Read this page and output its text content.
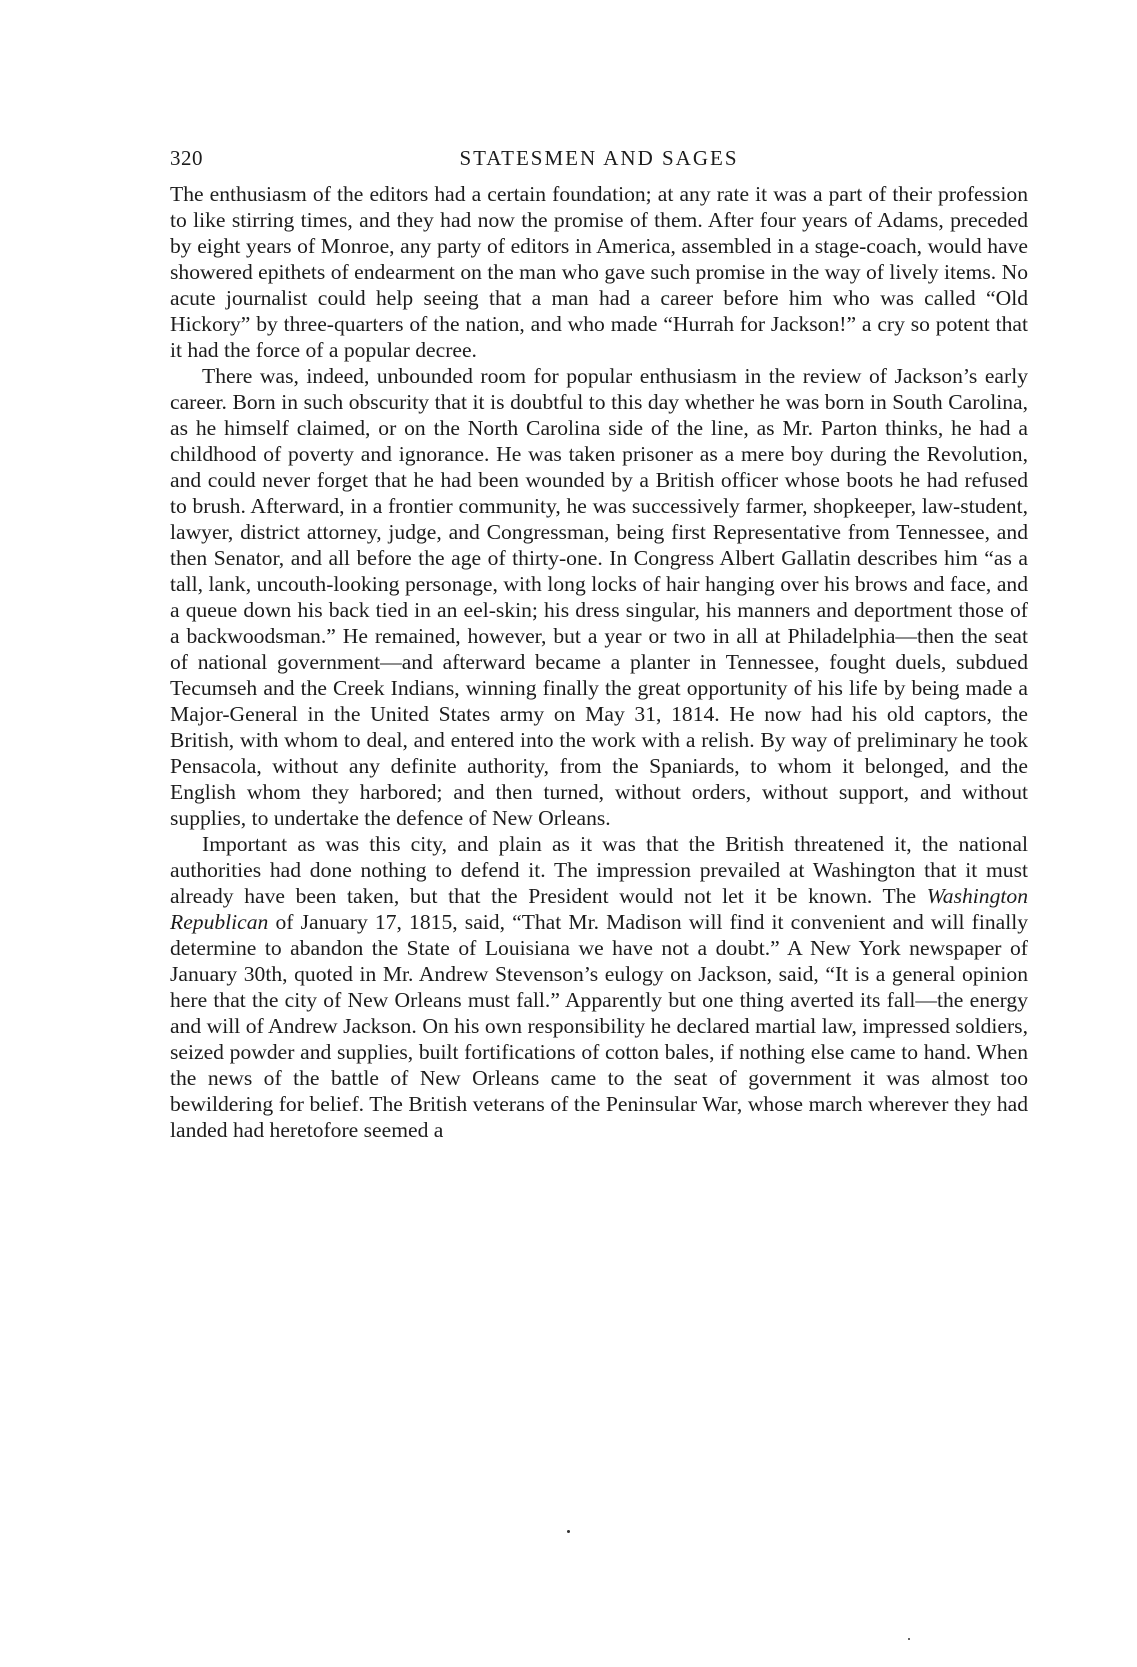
320	STATESMEN AND SAGES

The enthusiasm of the editors had a certain foundation; at any rate it was a part of their profession to like stirring times, and they had now the promise of them. After four years of Adams, preceded by eight years of Monroe, any party of editors in America, assembled in a stage-coach, would have showered epithets of endearment on the man who gave such promise in the way of lively items. No acute journalist could help seeing that a man had a career before him who was called “Old Hickory” by three-quarters of the nation, and who made “Hurrah for Jackson!” a cry so potent that it had the force of a popular decree.

There was, indeed, unbounded room for popular enthusiasm in the review of Jackson’s early career. Born in such obscurity that it is doubtful to this day whether he was born in South Carolina, as he himself claimed, or on the North Carolina side of the line, as Mr. Parton thinks, he had a childhood of poverty and ignorance. He was taken prisoner as a mere boy during the Revolution, and could never forget that he had been wounded by a British officer whose boots he had refused to brush. Afterward, in a frontier community, he was successively farmer, shopkeeper, law-student, lawyer, district attorney, judge, and Congressman, being first Representative from Tennessee, and then Senator, and all before the age of thirty-one. In Congress Albert Gallatin describes him “as a tall, lank, uncouth-looking personage, with long locks of hair hanging over his brows and face, and a queue down his back tied in an eel-skin; his dress singular, his manners and deportment those of a backwoodsman.” He remained, however, but a year or two in all at Philadelphia—then the seat of national government—and afterward became a planter in Tennessee, fought duels, subdued Tecumseh and the Creek Indians, winning finally the great opportunity of his life by being made a Major-General in the United States army on May 31, 1814. He now had his old captors, the British, with whom to deal, and entered into the work with a relish. By way of preliminary he took Pensacola, without any definite authority, from the Spaniards, to whom it belonged, and the English whom they harbored; and then turned, without orders, without support, and without supplies, to undertake the defence of New Orleans.

Important as was this city, and plain as it was that the British threatened it, the national authorities had done nothing to defend it. The impression prevailed at Washington that it must already have been taken, but that the President would not let it be known. The Washington Republican of January 17, 1815, said, “That Mr. Madison will find it convenient and will finally determine to abandon the State of Louisiana we have not a doubt.” A New York newspaper of January 30th, quoted in Mr. Andrew Stevenson’s eulogy on Jackson, said, “It is a general opinion here that the city of New Orleans must fall.” Apparently but one thing averted its fall—the energy and will of Andrew Jackson. On his own responsibility he declared martial law, impressed soldiers, seized powder and supplies, built fortifications of cotton bales, if nothing else came to hand. When the news of the battle of New Orleans came to the seat of government it was almost too bewildering for belief. The British veterans of the Peninsular War, whose march wherever they had landed had heretofore seemed a
